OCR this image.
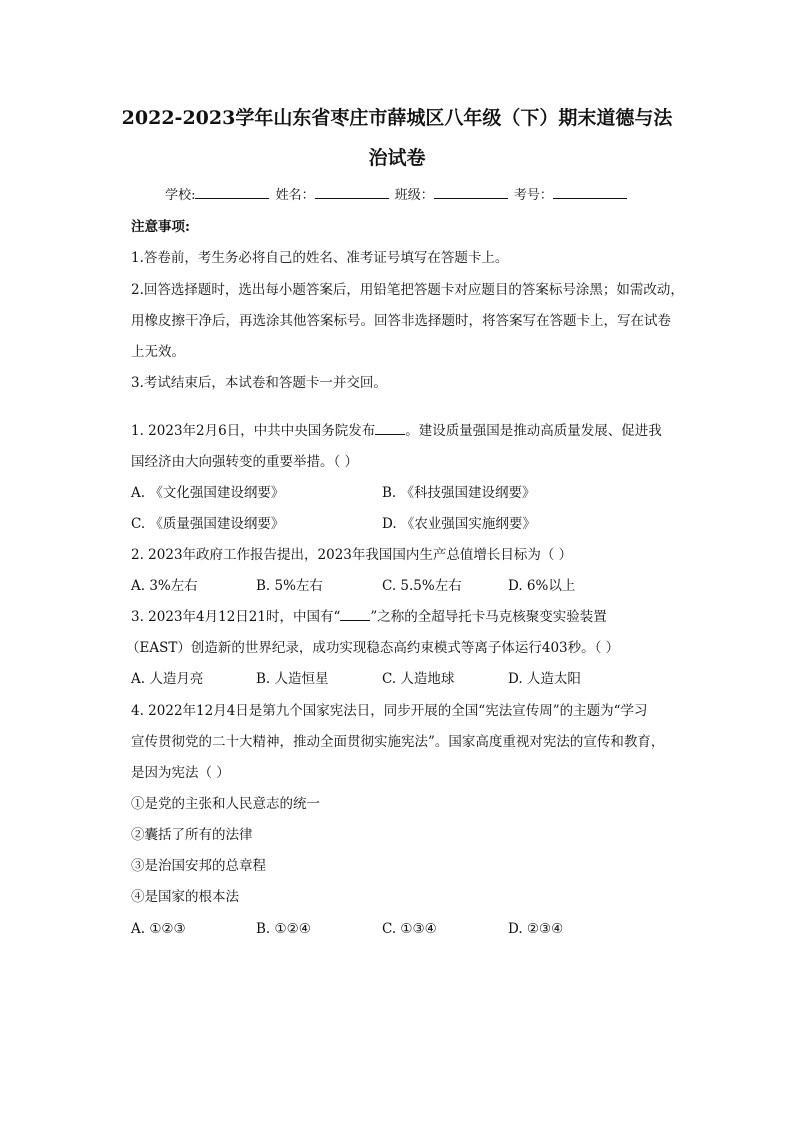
2022-2023学年山东省枣庄市薛城区八年级（下）期末道德与法
治试卷
学校:	姓名：	班级：	考号：
注意事项:
1.答卷前，考生务必将自己的姓名、准考证号填写在答题卡上。
2.回答选择题时，选出每小题答案后，用铅笔把答题卡对应题目的答案标号涂黑；如需改动，
用橡皮擦干净后，再选涂其他答案标号。回答非选择题时，将答案写在答题卡上，写在试卷
上无效。
3.考试结束后，本试卷和答题卡一并交回。
1. 2023年2月6日，中共中央国务院发布 。建设质量强国是推动高质量发展、促进我
国经济由大向强转变的重要举措。（ ）
A. 《文化强国建设纲要》	B. 《科技强国建设纲要》
C. 《质量强国建设纲要》	D. 《农业强国实施纲要》
2. 2023年政府工作报告提出，2023年我国国内生产总值增长目标为（ ）
A. 3%左右	B. 5%左右	C. 5.5%左右	D. 6%以上
3. 2023年4月12日21时，中国有“ ”之称的全超导托卡马克核聚变实验装置
（EAST）创造新的世界纪录，成功实现稳态高约束模式等离子体运行403秒。（ ）
A. 人造月亮	B. 人造恒星	C. 人造地球	D. 人造太阳
4. 2022年12月4日是第九个国家宪法日，同步开展的全国“宪法宣传周”的主题为“学习
宣传贯彻党的二十大精神，推动全面贯彻实施宪法”。国家高度重视对宪法的宣传和教育，
是因为宪法（ ）
①是党的主张和人民意志的统一
②囊括了所有的法律
③是治国安邦的总章程
④是国家的根本法
A. ①②③	B. ①②④	C. ①③④	D. ②③④
